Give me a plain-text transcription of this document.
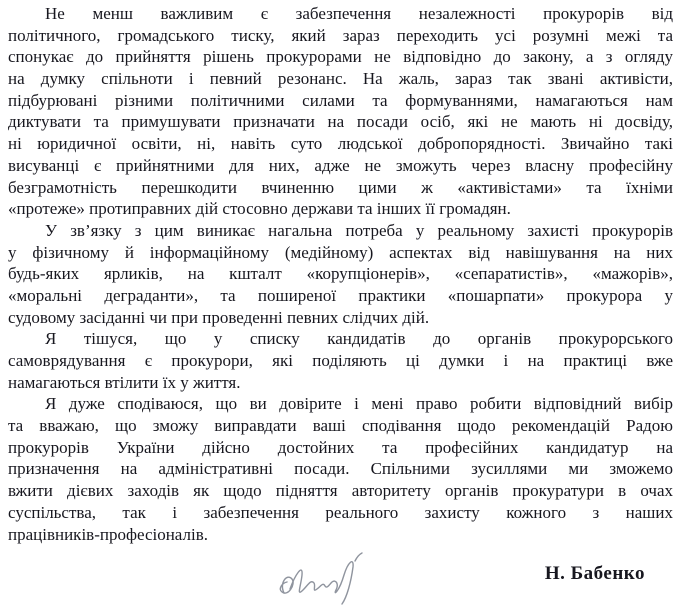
Не менш важливим є забезпечення незалежності прокурорів від
політичного, громадського тиску, який зараз переходить усі розумні межі та
спонукає до прийняття рішень прокурорами не відповідно до закону, а з огляду
на думку спільноти і певний резонанс. На жаль, зараз так звані активісти,
підбурювані різними політичними силами та формуваннями, намагаються нам
диктувати та примушувати призначати на посади осіб, які не мають ні досвіду,
ні юридичної освіти, ні, навіть суто людської добропорядності. Звичайно такі
висуванці є прийнятними для них, адже не зможуть через власну професійну
безграмотність перешкодити вчиненню цими ж «активістами» та їхніми
«протеже» протиправних дій стосовно держави та інших її громадян.
У зв’язку з цим виникає нагальна потреба у реальному захисті прокурорів
у фізичному й інформаційному (медійному) аспектах від навішування на них
будь-яких ярликів, на кшталт «корупціонерів», «сепаратистів», «мажорів»,
«моральні деграданти», та поширеної практики «пошарпати» прокурора у
судовому засіданні чи при проведенні певних слідчих дій.
Я тішуся, що у списку кандидатів до органів прокурорського
самоврядування є прокурори, які поділяють ці думки і на практиці вже
намагаються втілити їх у життя.
Я дуже сподіваюся, що ви довірите і мені право робити відповідний вибір
та вважаю, що зможу виправдати ваші сподівання щодо рекомендацій Радою
прокурорів України дійсно достойних та професійних кандидатур на
призначення на адміністративні посади. Спільними зусиллями ми зможемо
вжити дієвих заходів як щодо підняття авторитету органів прокуратури в очах
суспільства, так і забезпечення реального захисту кожного з наших
працівників-професіоналів.
Н. Бабенко
